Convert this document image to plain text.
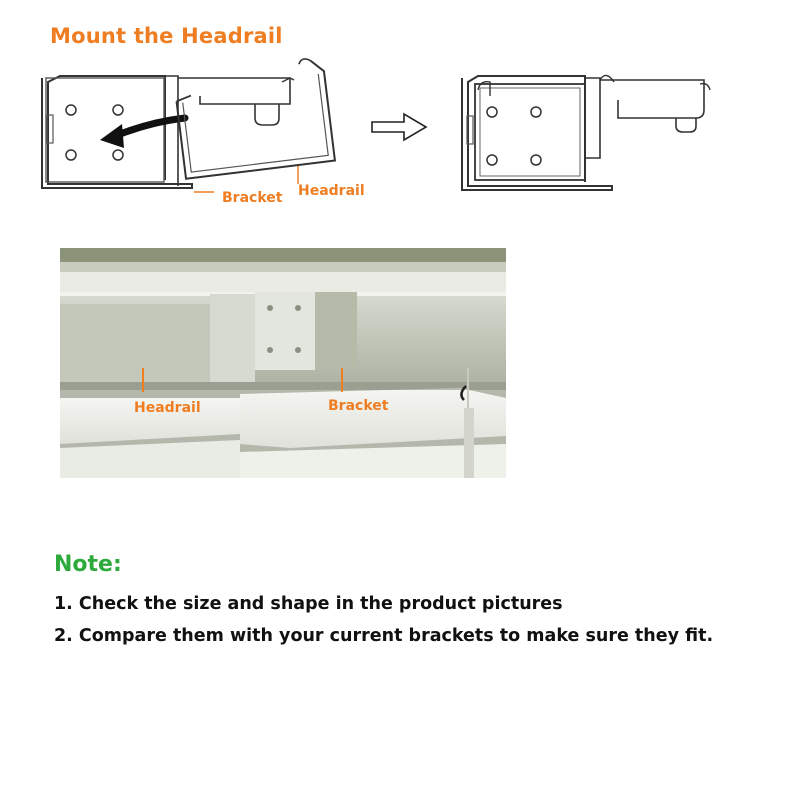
Mount the Headrail
Bracket Headrail
Headrail	Bracket
Note:
1. Check the size and shape in the product pictures
2. Compare them with your current brackets to make sure they fit.
